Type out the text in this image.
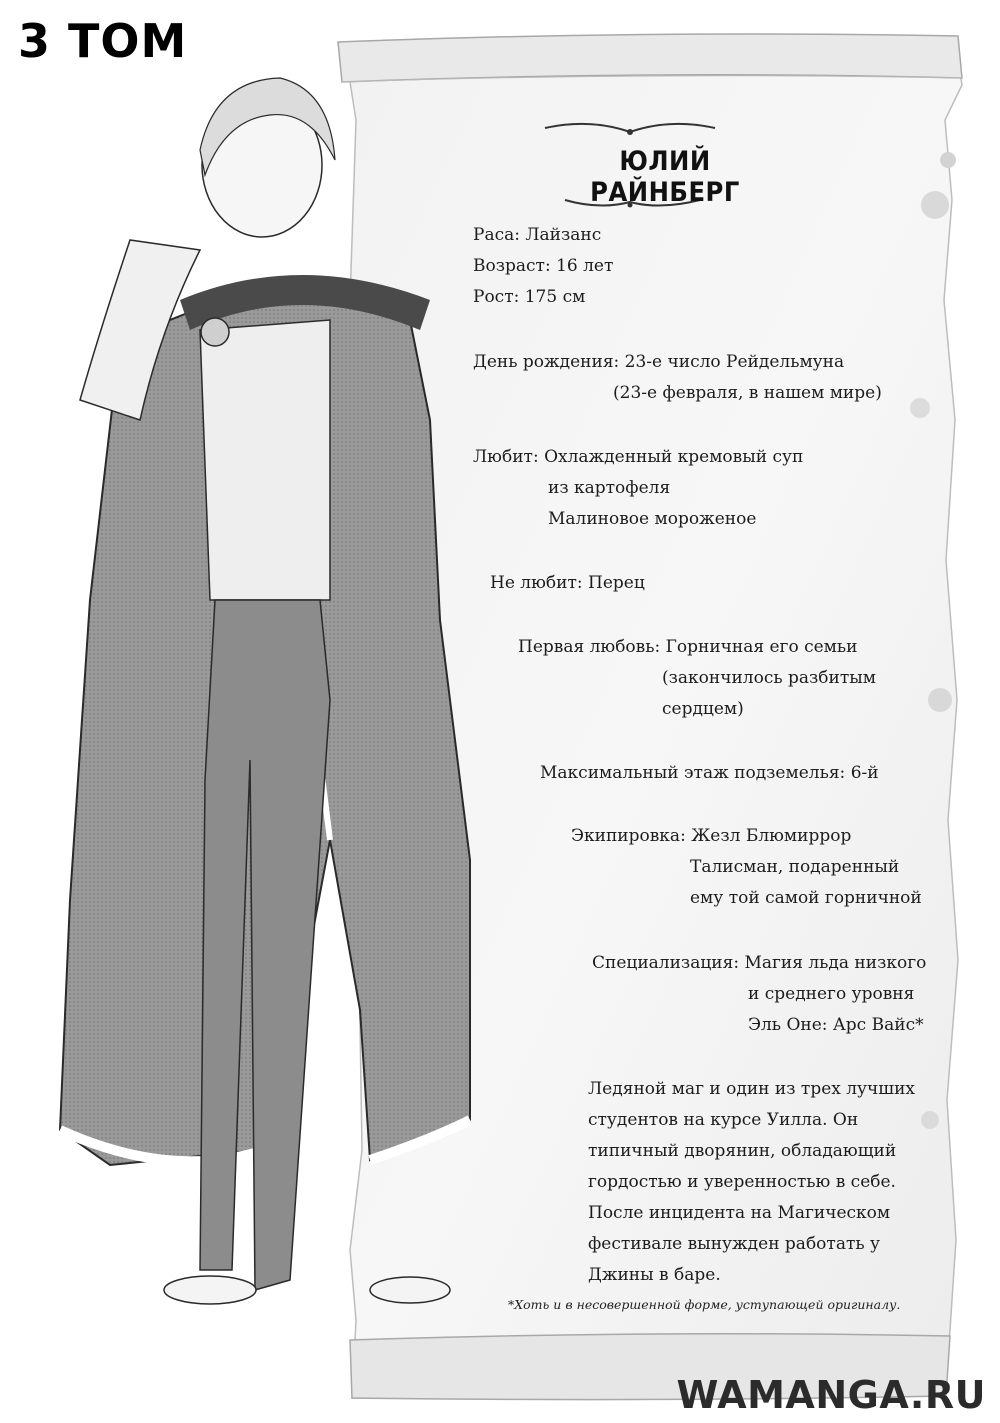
3 ТОМ
ЮЛИЙ РАЙНБЕРГ
Раса: Лайзанс
Возраст: 16 лет
Рост: 175 см
День рождения: 23-е число Рейдельмуна
(23-е февраля, в нашем мире)
Любит: Охлажденный кремовый суп
из картофеля
Малиновое мороженое
Не любит: Перец
Первая любовь: Горничная его семьи
(закончилось разбитым
сердцем)
Максимальный этаж подземелья: 6-й
Экипировка: Жезл Блюмиррор
Талисман, подаренный
ему той самой горничной
Специализация: Магия льда низкого
и среднего уровня
Эль Оне: Арс Вайс*
Ледяной маг и один из трех лучших
студентов на курсе Уилла. Он
типичный дворянин, обладающий
гордостью и уверенностью в себе.
После инцидента на Магическом
фестивале вынужден работать у
Джины в баре.
*Хоть и в несовершенной форме, уступающей оригиналу.
WAMANGA.RU
